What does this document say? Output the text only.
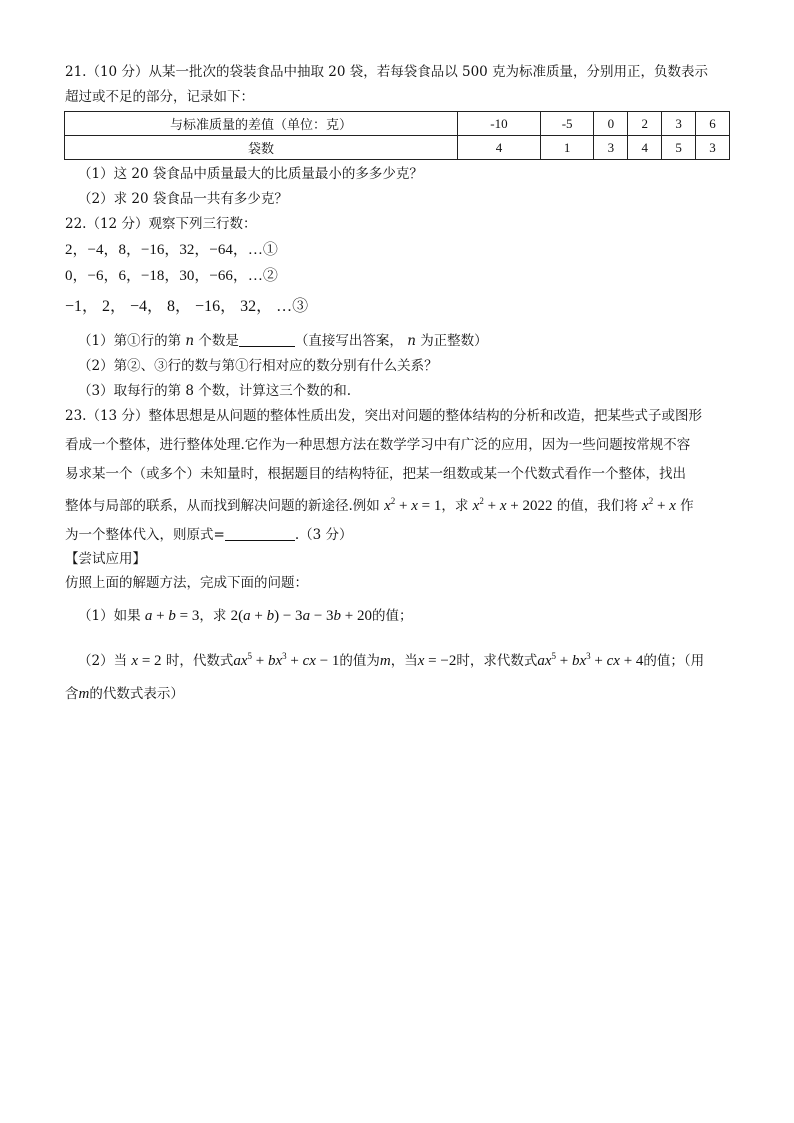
21.（10 分）从某一批次的袋装食品中抽取 20 袋，若每袋食品以 500 克为标准质量，分别用正，负数表示
超过或不足的部分，记录如下：
与标准质量的差值（单位：克）	-10	-5	0	2	3	6
袋数	4	1	3	4	5	3
（1）这 20 袋食品中质量最大的比质量最小的多多少克？
（2）求 20 袋食品一共有多少克？
22.（12 分）观察下列三行数：
2，−4，8，−16，32，−64，…①
0，−6，6，−18，30，−66，…②
−1， 2， −4， 8， −16， 32， …③
（1）第①行的第 n 个数是	（直接写出答案， n 为正整数）
（2）第②、③行的数与第①行相对应的数分别有什么关系？
（3）取每行的第 8 个数，计算这三个数的和.
23.（13 分）整体思想是从问题的整体性质出发，突出对问题的整体结构的分析和改造，把某些式子或图形
看成一个整体，进行整体处理.它作为一种思想方法在数学学习中有广泛的应用，因为一些问题按常规不容
易求某一个（或多个）未知量时，根据题目的结构特征，把某一组数或某一个代数式看作一个整体，找出
整体与局部的联系，从而找到解决问题的新途径.例如 $x^2 + x = 1$，求 $x^2 + x + 2022$ 的值，我们将 $x^2 + x$ 作
为一个整体代入，则原式=	.（3 分）
【尝试应用】
仿照上面的解题方法，完成下面的问题：
（1）如果 a + b = 3，求 2(a + b) − 3a − 3b + 20的值；
（2）当 x = 2 时，代数式$ax^5 + bx^3$ + cx − 1的值为m，当x = −2时，求代数式$ax^5 + bx^3$ + cx + 4的值；（用
含m的代数式表示）
